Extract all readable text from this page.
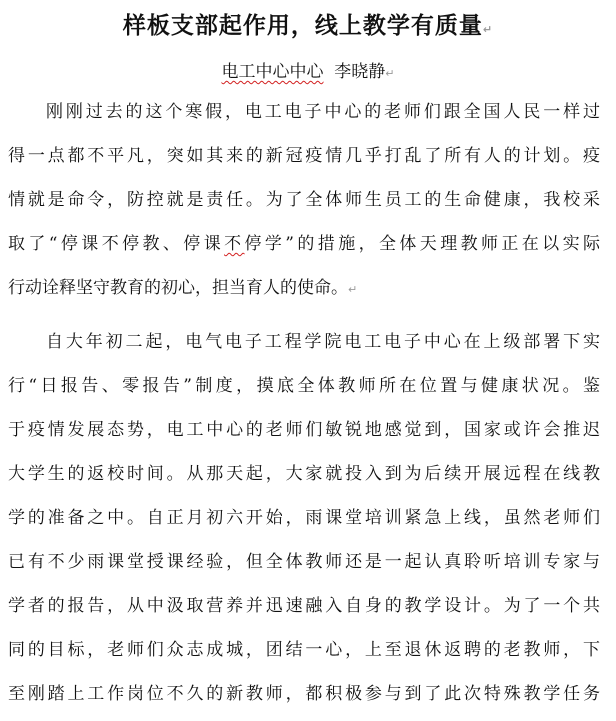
样板支部起作用，线上教学有质量↵
电工中心中心 李晓静↵
刚刚过去的这个寒假，电工电子中心的老师们跟全国人民一样过
得一点都不平凡，突如其来的新冠疫情几乎打乱了所有人的计划。疫
情就是命令，防控就是责任。为了全体师生员工的生命健康，我校采
取了“停课不停教、停课不停学”的措施，全体天理教师正在以实际
行动诠释坚守教育的初心，担当育人的使命。↵
自大年初二起，电气电子工程学院电工电子中心在上级部署下实
行“日报告、零报告”制度，摸底全体教师所在位置与健康状况。鉴
于疫情发展态势，电工中心的老师们敏锐地感觉到，国家或许会推迟
大学生的返校时间。从那天起，大家就投入到为后续开展远程在线教
学的准备之中。自正月初六开始，雨课堂培训紧急上线，虽然老师们
已有不少雨课堂授课经验，但全体教师还是一起认真聆听培训专家与
学者的报告，从中汲取营养并迅速融入自身的教学设计。为了一个共
同的目标，老师们众志成城，团结一心，上至退休返聘的老教师，下
至刚踏上工作岗位不久的新教师，都积极参与到了此次特殊教学任务
